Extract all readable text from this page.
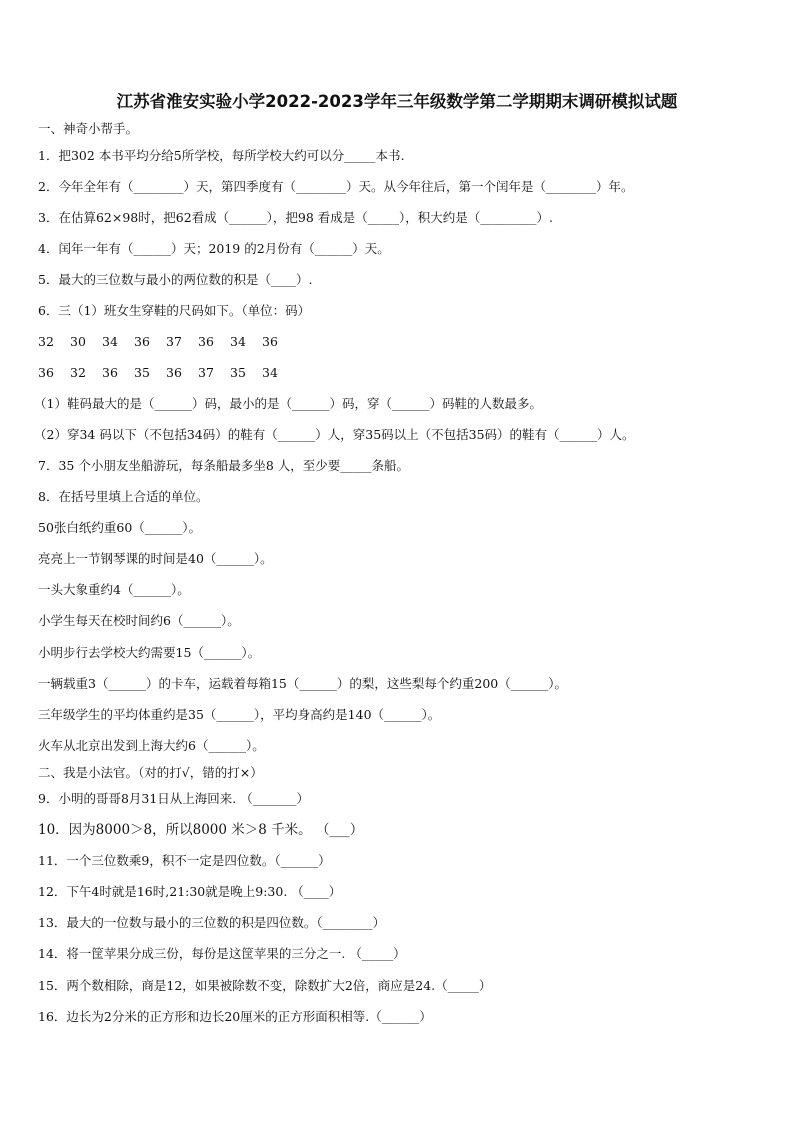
江苏省淮安实验小学2022-2023学年三年级数学第二学期期末调研模拟试题
一、神奇小帮手。
1．把302 本书平均分给5所学校，每所学校大约可以分_____本书.
2．今年全年有（________）天，第四季度有（________）天。从今年往后，第一个闰年是（________）年。
3．在估算62×98时，把62看成（______），把98 看成是（_____），积大约是（_________）.
4．闰年一年有（______）天；2019 的2月份有（______）天。
5．最大的三位数与最小的两位数的积是（____）.
6．三（1）班女生穿鞋的尺码如下。（单位：码）
32 30 34 36 37 36 34 36
36 32 36 35 36 37 35 34
（1）鞋码最大的是（______）码，最小的是（______）码，穿（______）码鞋的人数最多。
（2）穿34 码以下（不包括34码）的鞋有（______）人，穿35码以上（不包括35码）的鞋有（______）人。
7．35 个小朋友坐船游玩，每条船最多坐8 人，至少要_____条船。
8．在括号里填上合适的单位。
50张白纸约重60（______）。
亮亮上一节钢琴课的时间是40（______）。
一头大象重约4（______）。
小学生每天在校时间约6（______）。
小明步行去学校大约需要15（______）。
一辆载重3（______）的卡车，运载着每箱15（______）的梨，这些梨每个约重200（______）。
三年级学生的平均体重约是35（______），平均身高约是140（______）。
火车从北京出发到上海大约6（______）。
二、我是小法官。（对的打√，错的打×）
9．小明的哥哥8月31日从上海回来. （_______）
10．因为8000＞8，所以8000 米＞8 千米。 （___）
11．一个三位数乘9，积不一定是四位数。（______）
12．下午4时就是16时,21:30就是晚上9:30. （____）
13．最大的一位数与最小的三位数的积是四位数。（________）
14．将一筐苹果分成三份，每份是这筐苹果的三分之一. （_____）
15．两个数相除，商是12，如果被除数不变，除数扩大2倍，商应是24.（_____）
16．边长为2分米的正方形和边长20厘米的正方形面积相等.（______）
